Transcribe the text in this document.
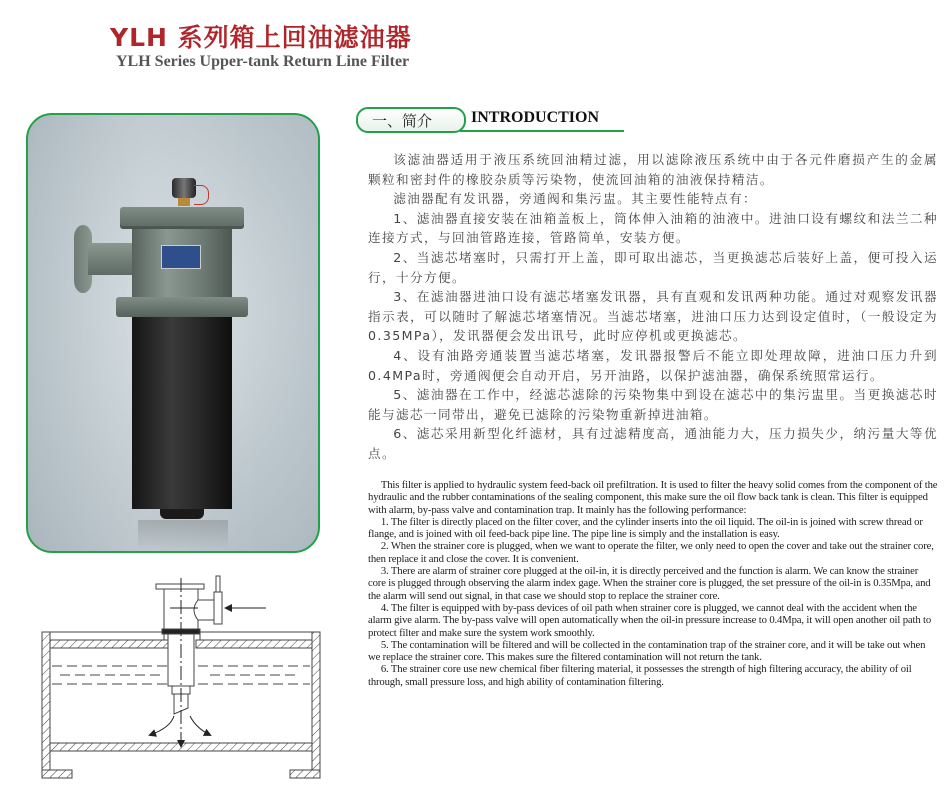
YLH 系列箱上回油滤油器
YLH Series Upper-tank Return Line Filter
一、简介 INTRODUCTION

该滤油器适用于液压系统回油精过滤，用以滤除液压系统中由于各元件磨损产生的金属颗粒和密封件的橡胶杂质等污染物，使流回油箱的油液保持精洁。

滤油器配有发讯器，旁通阀和集污盅。其主要性能特点有：

1、滤油器直接安装在油箱盖板上，筒体伸入油箱的油液中。进油口设有螺纹和法兰二种连接方式，与回油管路连接，管路简单，安装方便。

2、当滤芯堵塞时，只需打开上盖，即可取出滤芯，当更换滤芯后装好上盖，便可投入运行，十分方便。

3、在滤油器进油口设有滤芯堵塞发讯器，具有直观和发讯两种功能。通过对观察发讯器指示表，可以随时了解滤芯堵塞情况。当滤芯堵塞，进油口压力达到设定值时，（一般设定为0.35MPa），发讯器便会发出讯号，此时应停机或更换滤芯。

4、设有油路旁通装置当滤芯堵塞，发讯器报警后不能立即处理故障，进油口压力升到0.4MPa时，旁通阀便会自动开启，另开油路，以保护滤油器，确保系统照常运行。

5、滤油器在工作中，经滤芯滤除的污染物集中到设在滤芯中的集污盅里。当更换滤芯时能与滤芯一同带出，避免已滤除的污染物重新掉进油箱。

6、滤芯采用新型化纤滤材，具有过滤精度高，通油能力大，压力损失少，纳污量大等优点。

This filter is applied to hydraulic system feed-back oil prefiltration. It is used to filter the heavy solid comes from the component of the hydraulic and the rubber contaminations of the sealing component, this make sure the oil flow back tank is clean. This filter is equipped with alarm, by-pass valve and contamination trap. It mainly has the following performance:

1. The filter is directly placed on the filter cover, and the cylinder inserts into the oil liquid. The oil-in is joined with screw thread or flange, and is joined with oil feed-back pipe line. The pipe line is simply and the installation is easy.

2. When the strainer core is plugged, when we want to operate the filter, we only need to open the cover and take out the strainer core, then replace it and close the cover. It is convenient.

3. There are alarm of strainer core plugged at the oil-in, it is directly perceived and the function is alarm. We can know the strainer core is plugged through observing the alarm index gage. When the strainer core is plugged, the set pressure of the oil-in is 0.35Mpa, and the alarm will send out signal, in that case we should stop to replace the strainer core.

4. The filter is equipped with by-pass devices of oil path when strainer core is plugged, we cannot deal with the accident when the alarm give alarm. The by-pass valve will open automatically when the oil-in pressure increase to 0.4Mpa, it will open another oil path to protect filter and make sure the system work smoothly.

5. The contamination will be filtered and will be collected in the contamination trap of the strainer core, and it will be take out when we replace the strainer core. This makes sure the filtered contamination will not return the tank.

6. The strainer core use new chemical fiber filtering material, it possesses the strength of high filtering accuracy, the ability of oil through, small pressure loss, and high ability of contamination filtering.
